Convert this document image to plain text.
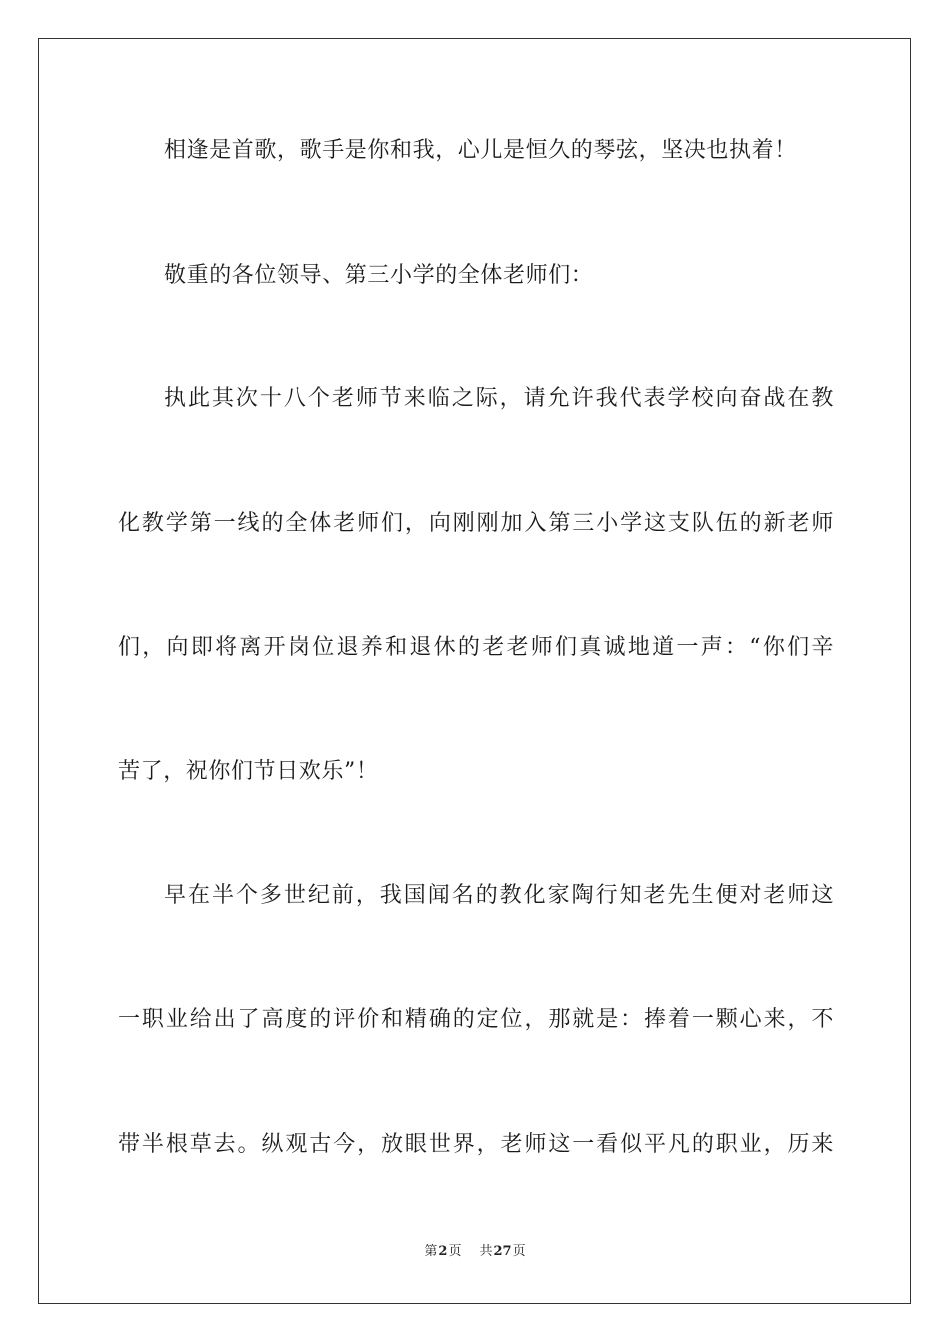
相逢是首歌，歌手是你和我，心儿是恒久的琴弦，坚决也执着！
敬重的各位领导、第三小学的全体老师们：
执此其次十八个老师节来临之际，请允许我代表学校向奋战在教
化教学第一线的全体老师们，向刚刚加入第三小学这支队伍的新老师
们，向即将离开岗位退养和退休的老老师们真诚地道一声：“你们辛
苦了，祝你们节日欢乐”！
早在半个多世纪前，我国闻名的教化家陶行知老先生便对老师这
一职业给出了高度的评价和精确的定位，那就是：捧着一颗心来，不
带半根草去。纵观古今，放眼世界，老师这一看似平凡的职业，历来
第2页 共27页
